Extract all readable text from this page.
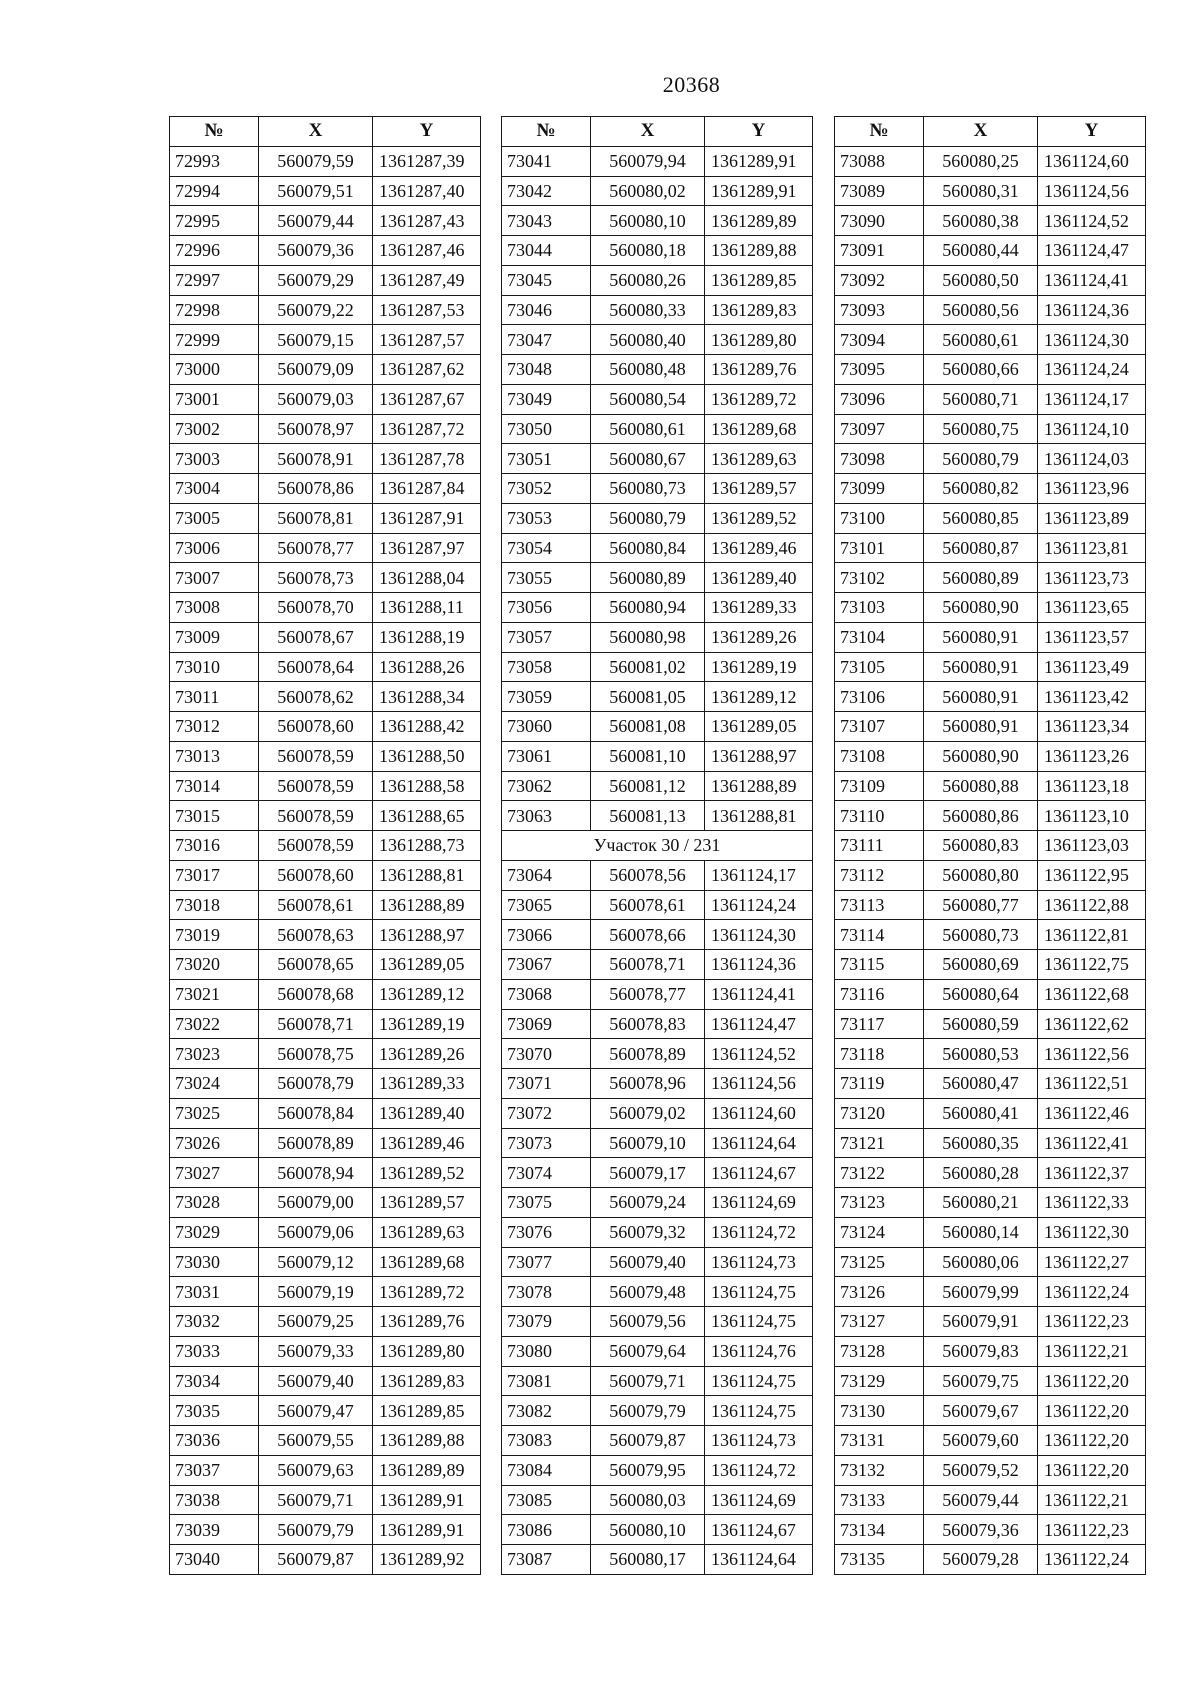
20368
№	X	Y
72993	560079,59	1361287,39
72994	560079,51	1361287,40
72995	560079,44	1361287,43
72996	560079,36	1361287,46
72997	560079,29	1361287,49
72998	560079,22	1361287,53
72999	560079,15	1361287,57
73000	560079,09	1361287,62
73001	560079,03	1361287,67
73002	560078,97	1361287,72
73003	560078,91	1361287,78
73004	560078,86	1361287,84
73005	560078,81	1361287,91
73006	560078,77	1361287,97
73007	560078,73	1361288,04
73008	560078,70	1361288,11
73009	560078,67	1361288,19
73010	560078,64	1361288,26
73011	560078,62	1361288,34
73012	560078,60	1361288,42
73013	560078,59	1361288,50
73014	560078,59	1361288,58
73015	560078,59	1361288,65
73016	560078,59	1361288,73
73017	560078,60	1361288,81
73018	560078,61	1361288,89
73019	560078,63	1361288,97
73020	560078,65	1361289,05
73021	560078,68	1361289,12
73022	560078,71	1361289,19
73023	560078,75	1361289,26
73024	560078,79	1361289,33
73025	560078,84	1361289,40
73026	560078,89	1361289,46
73027	560078,94	1361289,52
73028	560079,00	1361289,57
73029	560079,06	1361289,63
73030	560079,12	1361289,68
73031	560079,19	1361289,72
73032	560079,25	1361289,76
73033	560079,33	1361289,80
73034	560079,40	1361289,83
73035	560079,47	1361289,85
73036	560079,55	1361289,88
73037	560079,63	1361289,89
73038	560079,71	1361289,91
73039	560079,79	1361289,91
73040	560079,87	1361289,92
№	X	Y
73041	560079,94	1361289,91
73042	560080,02	1361289,91
73043	560080,10	1361289,89
73044	560080,18	1361289,88
73045	560080,26	1361289,85
73046	560080,33	1361289,83
73047	560080,40	1361289,80
73048	560080,48	1361289,76
73049	560080,54	1361289,72
73050	560080,61	1361289,68
73051	560080,67	1361289,63
73052	560080,73	1361289,57
73053	560080,79	1361289,52
73054	560080,84	1361289,46
73055	560080,89	1361289,40
73056	560080,94	1361289,33
73057	560080,98	1361289,26
73058	560081,02	1361289,19
73059	560081,05	1361289,12
73060	560081,08	1361289,05
73061	560081,10	1361288,97
73062	560081,12	1361288,89
73063	560081,13	1361288,81
Участок 30 / 231		
73064	560078,56	1361124,17
73065	560078,61	1361124,24
73066	560078,66	1361124,30
73067	560078,71	1361124,36
73068	560078,77	1361124,41
73069	560078,83	1361124,47
73070	560078,89	1361124,52
73071	560078,96	1361124,56
73072	560079,02	1361124,60
73073	560079,10	1361124,64
73074	560079,17	1361124,67
73075	560079,24	1361124,69
73076	560079,32	1361124,72
73077	560079,40	1361124,73
73078	560079,48	1361124,75
73079	560079,56	1361124,75
73080	560079,64	1361124,76
73081	560079,71	1361124,75
73082	560079,79	1361124,75
73083	560079,87	1361124,73
73084	560079,95	1361124,72
73085	560080,03	1361124,69
73086	560080,10	1361124,67
73087	560080,17	1361124,64
№	X	Y
73088	560080,25	1361124,60
73089	560080,31	1361124,56
73090	560080,38	1361124,52
73091	560080,44	1361124,47
73092	560080,50	1361124,41
73093	560080,56	1361124,36
73094	560080,61	1361124,30
73095	560080,66	1361124,24
73096	560080,71	1361124,17
73097	560080,75	1361124,10
73098	560080,79	1361124,03
73099	560080,82	1361123,96
73100	560080,85	1361123,89
73101	560080,87	1361123,81
73102	560080,89	1361123,73
73103	560080,90	1361123,65
73104	560080,91	1361123,57
73105	560080,91	1361123,49
73106	560080,91	1361123,42
73107	560080,91	1361123,34
73108	560080,90	1361123,26
73109	560080,88	1361123,18
73110	560080,86	1361123,10
73111	560080,83	1361123,03
73112	560080,80	1361122,95
73113	560080,77	1361122,88
73114	560080,73	1361122,81
73115	560080,69	1361122,75
73116	560080,64	1361122,68
73117	560080,59	1361122,62
73118	560080,53	1361122,56
73119	560080,47	1361122,51
73120	560080,41	1361122,46
73121	560080,35	1361122,41
73122	560080,28	1361122,37
73123	560080,21	1361122,33
73124	560080,14	1361122,30
73125	560080,06	1361122,27
73126	560079,99	1361122,24
73127	560079,91	1361122,23
73128	560079,83	1361122,21
73129	560079,75	1361122,20
73130	560079,67	1361122,20
73131	560079,60	1361122,20
73132	560079,52	1361122,20
73133	560079,44	1361122,21
73134	560079,36	1361122,23
73135	560079,28	1361122,24
